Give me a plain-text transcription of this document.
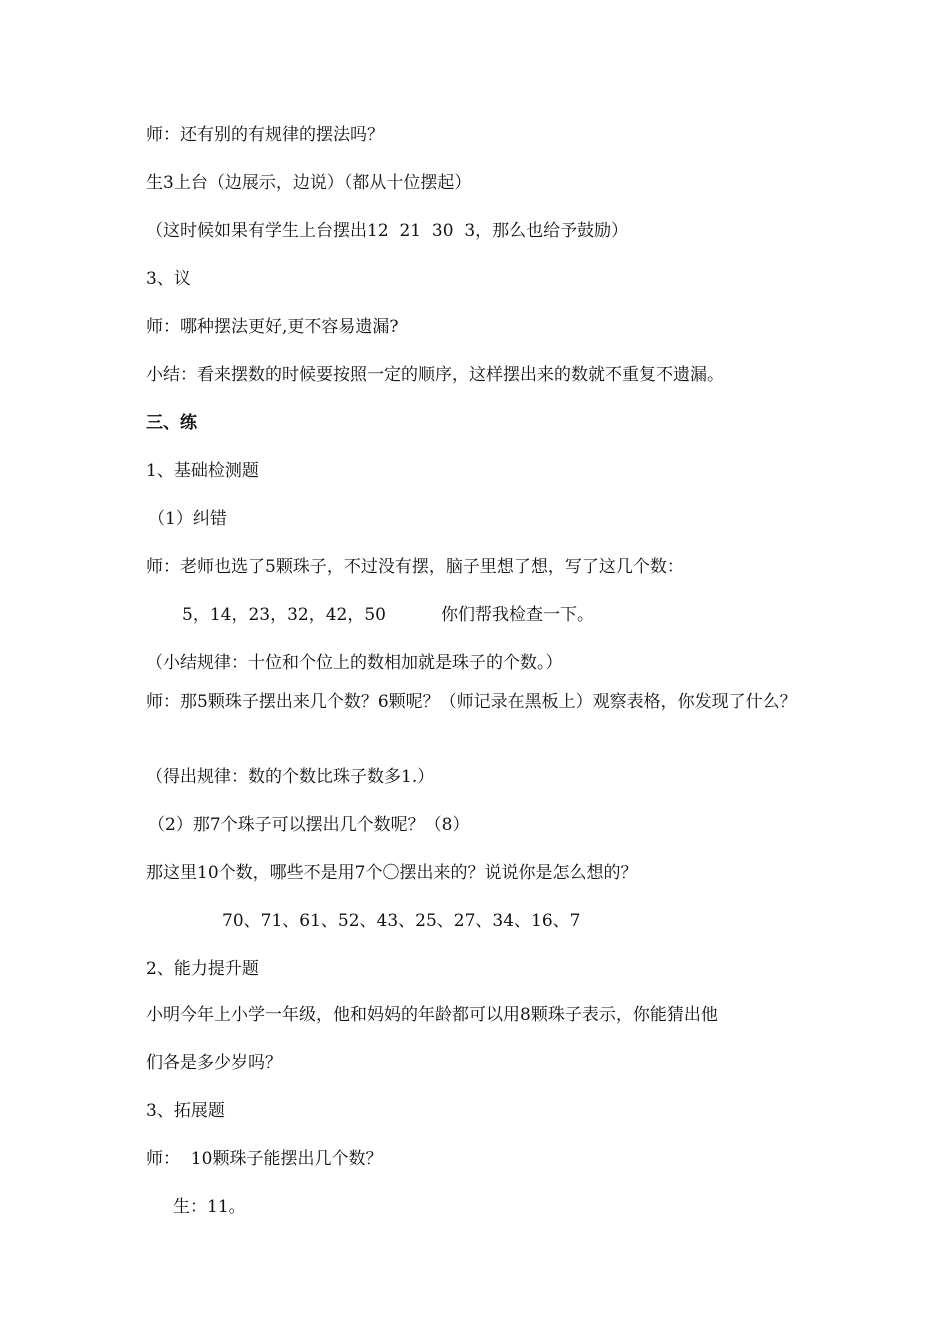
师：还有别的有规律的摆法吗？

生3上台（边展示，边说）（都从十位摆起）

（这时候如果有学生上台摆出12  21  30  3，那么也给予鼓励）

3、议

师：哪种摆法更好,更不容易遗漏?

小结：看来摆数的时候要按照一定的顺序，这样摆出来的数就不重复不遗漏。

三、练

1、基础检测题

（1）纠错

师：老师也选了5颗珠子，不过没有摆，脑子里想了想，写了这几个数：

5，14，23，32，42，50	你们帮我检查一下。

（小结规律：十位和个位上的数相加就是珠子的个数。）

师：那5颗珠子摆出来几个数？6颗呢？（师记录在黑板上）观察表格，你发现了什么？

（得出规律：数的个数比珠子数多1.）

（2）那7个珠子可以摆出几个数呢？（8）

那这里10个数，哪些不是用7个〇摆出来的？说说你是怎么想的？

70、71、61、52、43、25、27、34、16、7

2、能力提升题

小明今年上小学一年级，他和妈妈的年龄都可以用8颗珠子表示，你能猜出他

们各是多少岁吗？

3、拓展题

师：  10颗珠子能摆出几个数？

生：11。
